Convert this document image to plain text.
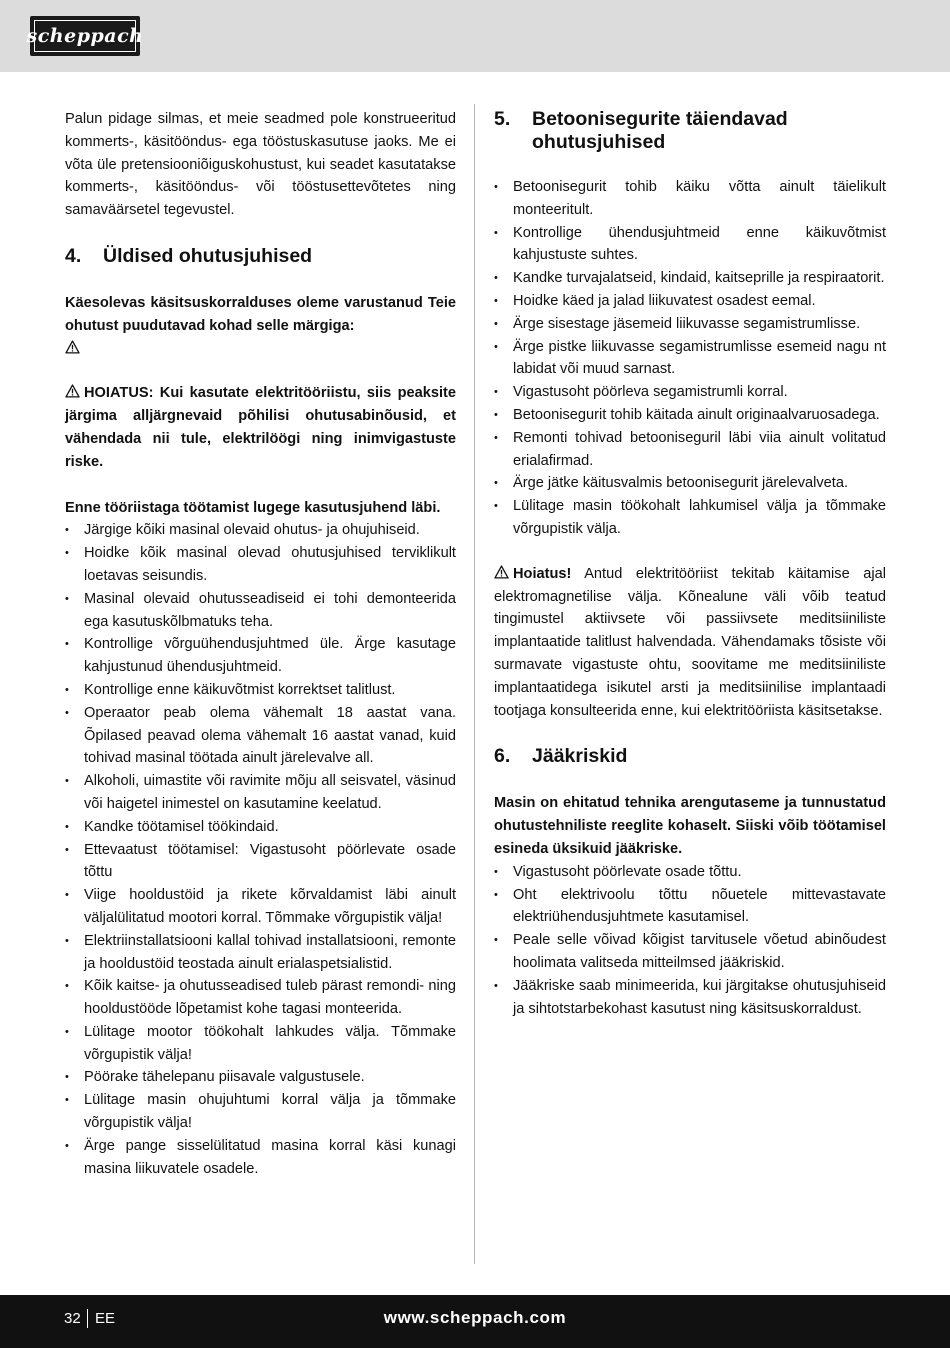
scheppach

Palun pidage silmas, et meie seadmed pole konstrueeritud kommerts-, käsitööndus- ega tööstuskasutuse jaoks. Me ei võta üle pretensiooniõiguskohustust, kui seadet kasutatakse kommerts-, käsitööndus- või tööstusettevõtetes ning samaväärsetel tegevustel.

4.	Üldised ohutusjuhised

Käesolevas käsitsuskorralduses oleme varustanud Teie ohutust puudutavad kohad selle märgiga:

HOIATUS: Kui kasutate elektritööriistu, siis peaksite järgima alljärgnevaid põhilisi ohutusabinõusid, et vähendada nii tule, elektrilöögi ning inimvigastuste riske.

Enne tööriistaga töötamist lugege kasutusjuhend läbi.

• Järgige kõiki masinal olevaid ohutus- ja ohujuhiseid.
• Hoidke kõik masinal olevad ohutusjuhised terviklikult loetavas seisundis.
• Masinal olevaid ohutusseadiseid ei tohi demonteerida ega kasutuskõlbmatuks teha.
• Kontrollige võrguühendusjuhtmed üle. Ärge kasutage kahjustunud ühendusjuhtmeid.
• Kontrollige enne käikuvõtmist korrektset talitlust.
• Operaator peab olema vähemalt 18 aastat vana. Õpilased peavad olema vähemalt 16 aastat vanad, kuid tohivad masinal töötada ainult järelevalve all.
• Alkoholi, uimastite või ravimite mõju all seisvatel, väsinud või haigetel inimestel on kasutamine keelatud.
• Kandke töötamisel töökindaid.
• Ettevaatust töötamisel: Vigastusoht pöörlevate osade tõttu
• Viige hooldustöid ja rikete kõrvaldamist läbi ainult väljalülitatud mootori korral. Tõmmake võrgupistik välja!
• Elektriinstallatsiooni kallal tohivad installatsiooni, remonte ja hooldustöid teostada ainult erialaspetsialistid.
• Kõik kaitse- ja ohutusseadised tuleb pärast remondi- ning hooldustööde lõpetamist kohe tagasi monteerida.
• Lülitage mootor töökohalt lahkudes välja. Tõmmake võrgupistik välja!
• Pöörake tähelepanu piisavale valgustusele.
• Lülitage masin ohujuhtumi korral välja ja tõmmake võrgupistik välja!
• Ärge pange sisselülitatud masina korral käsi kunagi masina liikuvatele osadele.
5.	Betoonisegurite täiendavad ohutusjuhised
• Betoonisegurit tohib käiku võtta ainult täielikult monteeritult.
• Kontrollige ühendusjuhtmeid enne käikuvõtmist kahjustuste suhtes.
• Kandke turvajalatseid, kindaid, kaitseprille ja respiraatorit.
• Hoidke käed ja jalad liikuvatest osadest eemal.
• Ärge sisestage jäsemeid liikuvasse segamistrumlisse.
• Ärge pistke liikuvasse segamistrumlisse esemeid nagu nt labidat või muud sarnast.
• Vigastusoht pöörleva segamistrumli korral.
• Betoonisegurit tohib käitada ainult originaalvaruosadega.
• Remonti tohivad betooniseguril läbi viia ainult volitatud erialafirmad.
• Ärge jätke käitusvalmis betoonisegurit järelevalveta.
• Lülitage masin töökohalt lahkumisel välja ja tõmmake võrgupistik välja.

Hoiatus! Antud elektritööriist tekitab käitamise ajal elektromagnetilise välja. Kõnealune väli võib teatud tingimustel aktiivsete või passiivsete meditsiiniliste implantaatide talitlust halvendada. Vähendamaks tõsiste või surmavate vigastuste ohtu, soovitame me meditsiiniliste implantaatidega isikutel arsti ja meditsiinilise implantaadi tootjaga konsulteerida enne, kui elektritööriista käsitsetakse.

6.	Jääkriskid

Masin on ehitatud tehnika arengutaseme ja tunnustatud ohutustehniliste reeglite kohaselt. Siiski võib töötamisel esineda üksikuid jääkriske.

• Vigastusoht pöörlevate osade tõttu.
• Oht elektrivoolu tõttu nõuetele mittevastavate elektriühendusjuhtmete kasutamisel.
• Peale selle võivad kõigist tarvitusele võetud abinõudest hoolimata valitseda mitteilmsed jääkriskid.
• Jääkriske saab minimeerida, kui järgitakse ohutusjuhiseid ja sihtotstarbekohast kasutust ning käsitsuskorraldust.
32 EE	www.scheppach.com
